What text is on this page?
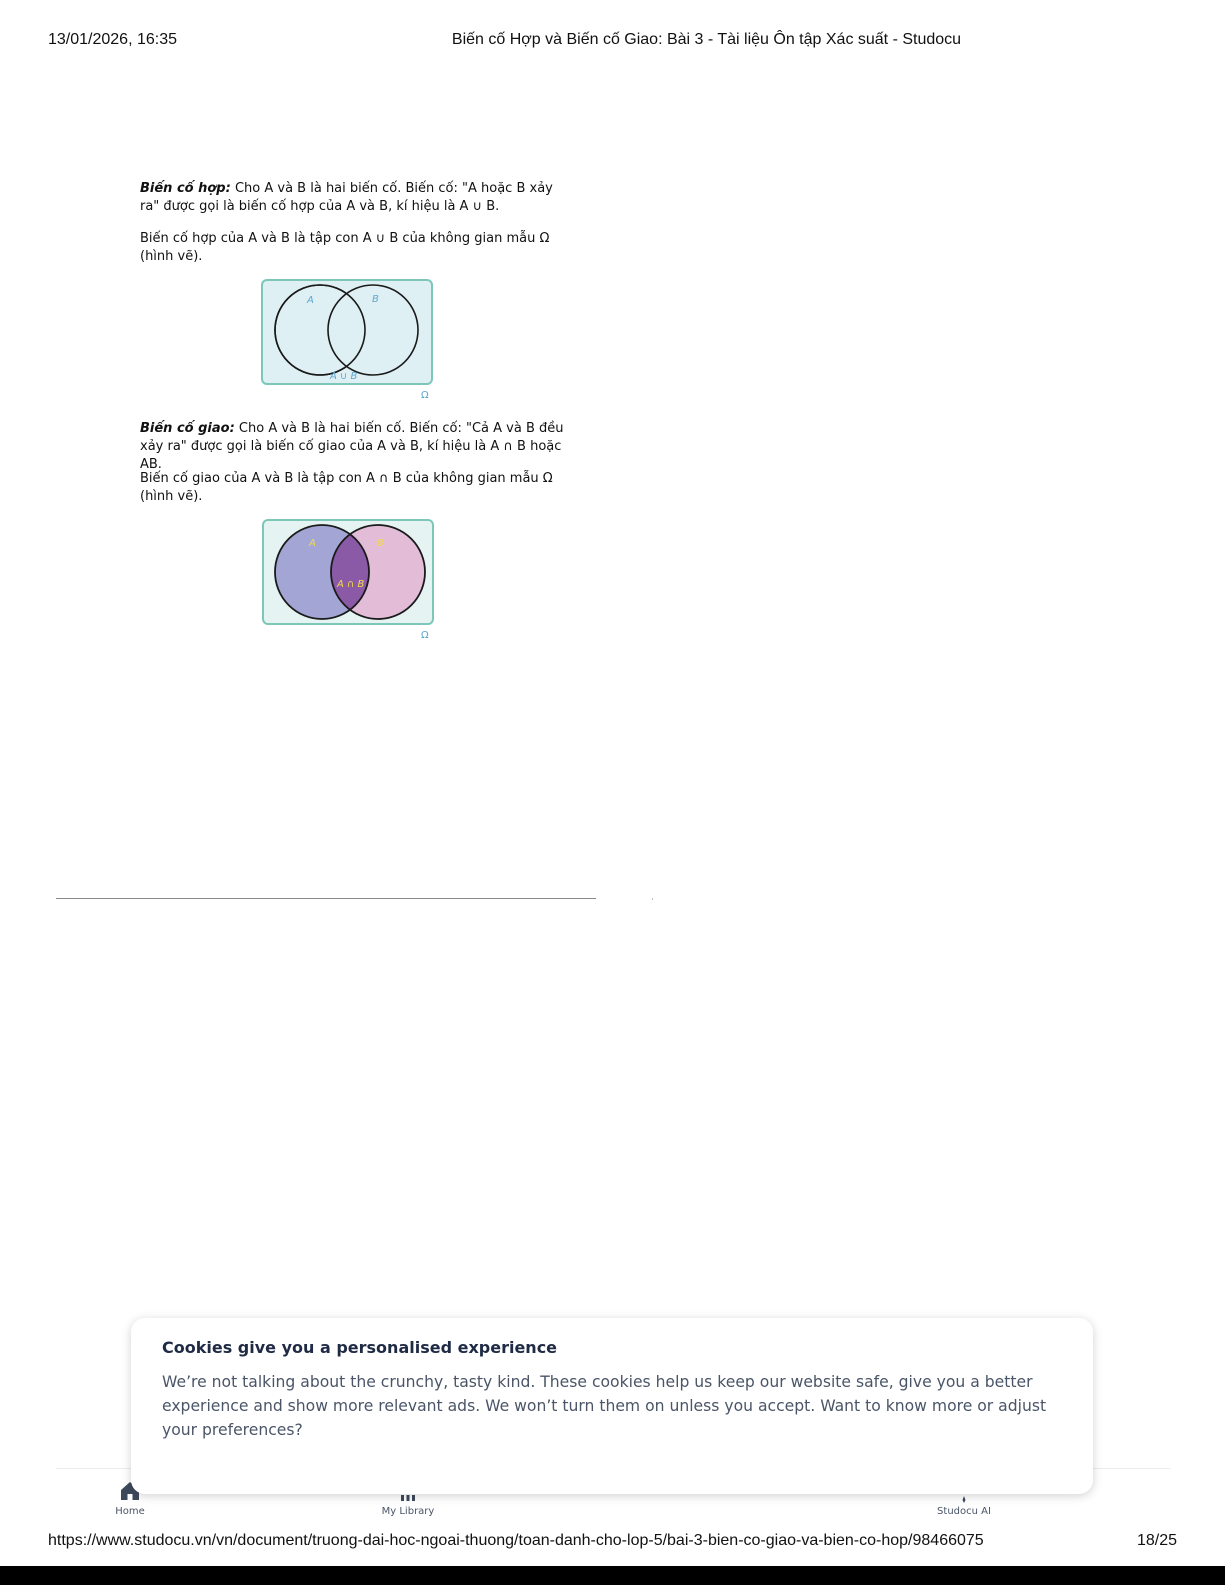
13/01/2026, 16:35	Biến cố Hợp và Biến cố Giao: Bài 3 - Tài liệu Ôn tập Xác suất - Studocu

Biến cố hợp: Cho A và B là hai biến cố. Biến cố: "A hoặc B xảy ra" được gọi là biến cố hợp của A và B, kí hiệu là A ∪ B.

Biến cố hợp của A và B là tập con A ∪ B của không gian mẫu Ω (hình vẽ).

A	B
A ∪ B
Ω

Biến cố giao: Cho A và B là hai biến cố. Biến cố: "Cả A và B đều xảy ra" được gọi là biến cố giao của A và B, kí hiệu là A ∩ B hoặc AB.

Biến cố giao của A và B là tập con A ∩ B của không gian mẫu Ω (hình vẽ).

A	B
A ∩ B
Ω
Home	My Library	Studocu AI
Cookies give you a personalised experience
We’re not talking about the crunchy, tasty kind. These cookies help us keep our website safe, give you a better experience and show more relevant ads. We won’t turn them on unless you accept. Want to know more or adjust your preferences?
https://www.studocu.vn/vn/document/truong-dai-hoc-ngoai-thuong/toan-danh-cho-lop-5/bai-3-bien-co-giao-va-bien-co-hop/98466075	18/25
